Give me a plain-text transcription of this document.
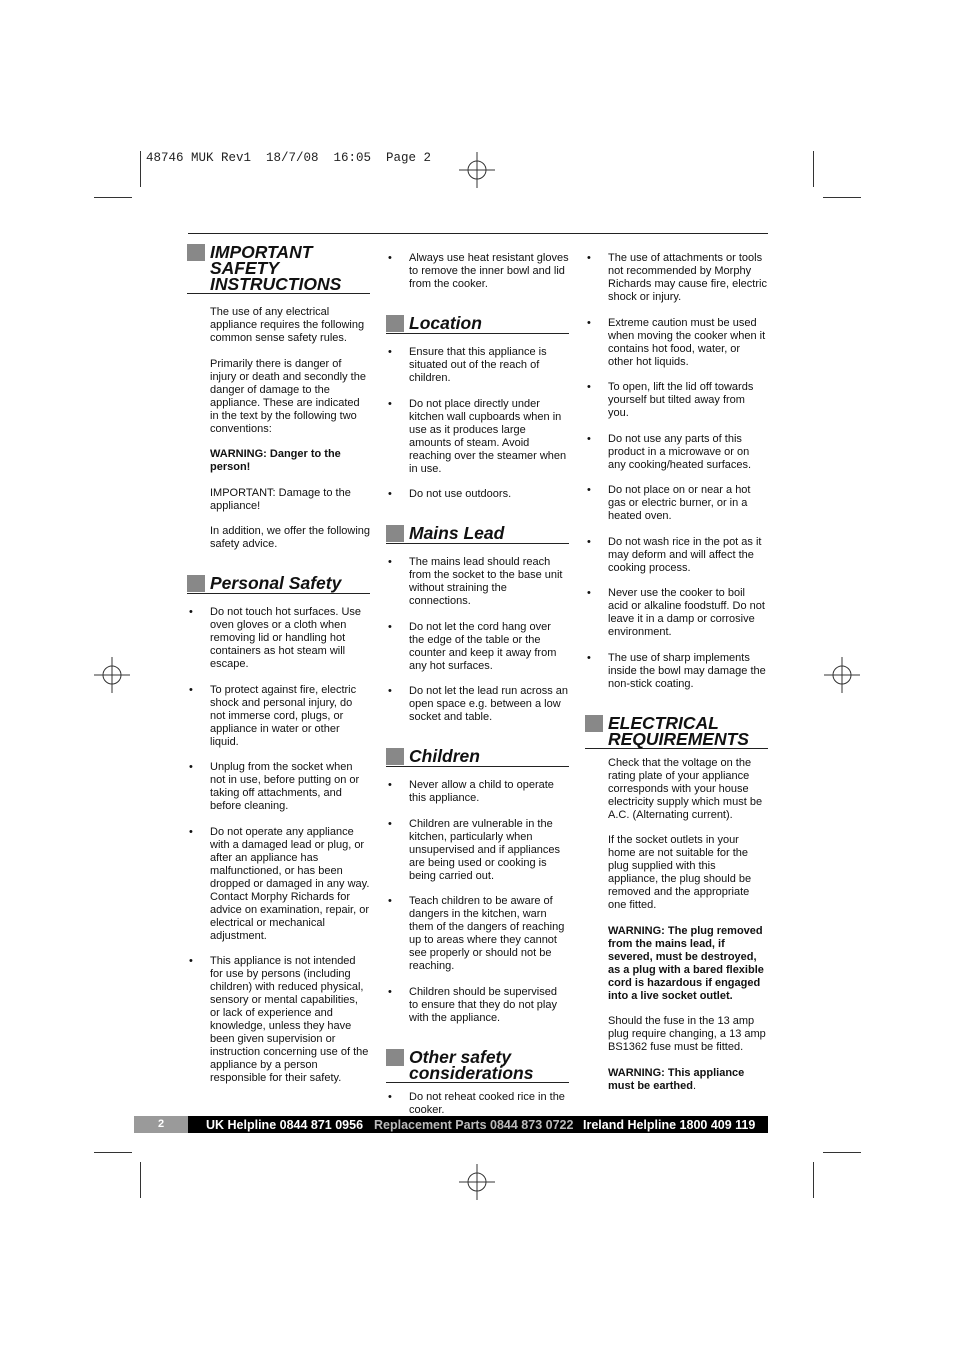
48746 MUK Rev1  18/7/08  16:05  Page 2
IMPORTANT
SAFETY
INSTRUCTIONS

The use of any electrical appliance requires the following common sense safety rules.

Primarily there is danger of injury or death and secondly the danger of damage to the appliance. These are indicated in the text by the following two conventions:

WARNING: Danger to the person!

IMPORTANT: Damage to the appliance!

In addition, we offer the following safety advice.

Personal Safety
• Do not touch hot surfaces. Use oven gloves or a cloth when removing lid or handling hot containers as hot steam will escape.
• To protect against fire, electric shock and personal injury, do not immerse cord, plugs, or appliance in water or other liquid.
• Unplug from the socket when not in use, before putting on or taking off attachments, and before cleaning.
• Do not operate any appliance with a damaged lead or plug, or after an appliance has malfunctioned, or has been dropped or damaged in any way. Contact Morphy Richards for advice on examination, repair, or electrical or mechanical adjustment.
• This appliance is not intended for use by persons (including children) with reduced physical, sensory or mental capabilities, or lack of experience and knowledge, unless they have been given supervision or instruction concerning use of the appliance by a person responsible for their safety.
• Always use heat resistant gloves to remove the inner bowl and lid from the cooker.
Location
• Ensure that this appliance is situated out of the reach of children.
• Do not place directly under kitchen wall cupboards when in use as it produces large amounts of steam. Avoid reaching over the steamer when in use.
• Do not use outdoors.
Mains Lead
• The mains lead should reach from the socket to the base unit without straining the connections.
• Do not let the cord hang over the edge of the table or the counter and keep it away from any hot surfaces.
• Do not let the lead run across an open space e.g. between a low socket and table.
Children
• Never allow a child to operate this appliance.
• Children are vulnerable in the kitchen, particularly when unsupervised and if appliances are being used or cooking is being carried out.
• Teach children to be aware of dangers in the kitchen, warn them of the dangers of reaching up to areas where they cannot see properly or should not be reaching.
• Children should be supervised to ensure that they do not play with the appliance.
Other safety
considerations
• Do not reheat cooked rice in the cooker.
• The use of attachments or tools not recommended by Morphy Richards may cause fire, electric shock or injury.
• Extreme caution must be used when moving the cooker when it contains hot food, water, or other hot liquids.
• To open, lift the lid off towards yourself but tilted away from you.
• Do not use any parts of this product in a microwave or on any cooking/heated surfaces.
• Do not place on or near a hot gas or electric burner, or in a heated oven.
• Do not wash rice in the pot as it may deform and will affect the cooking process.
• Never use the cooker to boil acid or alkaline foodstuff. Do not leave it in a damp or corrosive environment.
• The use of sharp implements inside the bowl may damage the non-stick coating.
ELECTRICAL
REQUIREMENTS

Check that the voltage on the rating plate of your appliance corresponds with your house electricity supply which must be A.C. (Alternating current).

If the socket outlets in your home are not suitable for the plug supplied with this appliance, the plug should be removed and the appropriate one fitted.

WARNING: The plug removed from the mains lead, if severed, must be destroyed, as a plug with a bared flexible cord is hazardous if engaged into a live socket outlet.

Should the fuse in the 13 amp plug require changing, a 13 amp BS1362 fuse must be fitted.

WARNING: This appliance must be earthed.

2	UK Helpline 0844 871 0956 Replacement Parts 0844 873 0722 Ireland Helpline 1800 409 119
